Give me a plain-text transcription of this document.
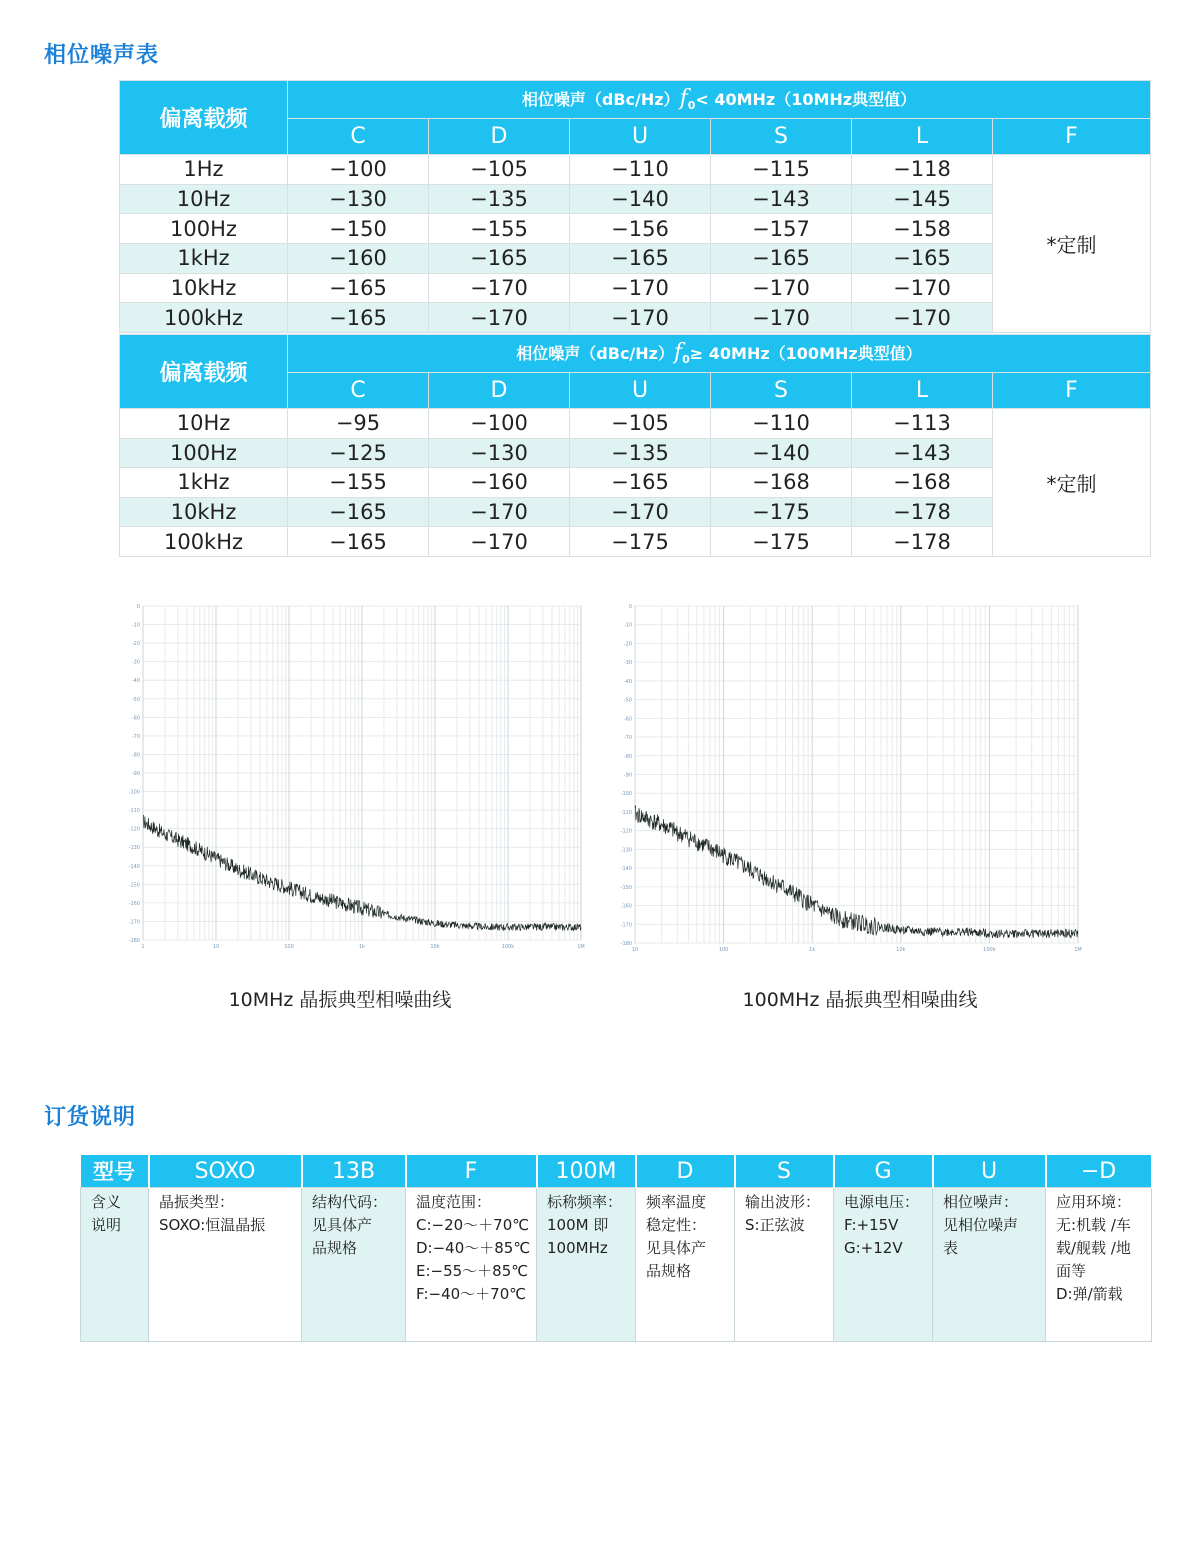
相位噪声表
偏离载频	相位噪声$(dBc/Hz)f_0< 40MHz(10MHz$典型值）					
	C	D	U	S	L	F
1Hz	−100	−105	−110	−115	−118	*定制
10Hz	−130	−135	−140	−143	−145	
100Hz	−150	−155	−156	−157	−158	
1kHz	−160	−165	−165	−165	−165	
10kHz	−165	−170	−170	−170	−170	
100kHz	−165	−170	−170	−170	−170	
偏离载频	相位噪声$(dBc/Hz)f_0\ge 40MHz(100MHz$典型值）					
	C	D	U	S	L	F
10Hz	−95	−100	−105	−110	−113	*定制
100Hz	−125	−130	−135	−140	−143	
1kHz	−155	−160	−165	−168	−168	
10kHz	−165	−170	−170	−175	−178	
100kHz	−165	−170	−175	−175	−178	
0
-10
-20
-30
-40
-50
-60
-70
-80
-90
-100
-110
-120
-130
-140
-150
-160
-170
-180
1	10	100	1k	10k	100k	1M
0
-10
-20
-30
-40
-50
-60
-70
-80
-90
-100
-110
-120
-130
-140
-150
-160
-170
-180
10	100	1k	10k	100k	1M
10MHz 晶振典型相噪曲线	100MHz 晶振典型相噪曲线
订货说明
型号	SOXO	13B	F	100M	D	S	G	U	−D

含义
说明	晶振类型：
SOXO:恒温晶振	结构代码：
见具体产
品规格	温度范围：
C:−20～＋70℃
D:−40～＋85℃
E:−55～＋85℃
F:−40～＋70℃	标称频率：
100M 即
100MHz	频率温度
稳定性：
见具体产
品规格	输出波形：
S:正弦波	电源电压：
F:+15V
G:+12V	相位噪声：
见相位噪声
表	应用环境：
无:机载 /车
载/舰载 /地
面等
D:弹/箭载
